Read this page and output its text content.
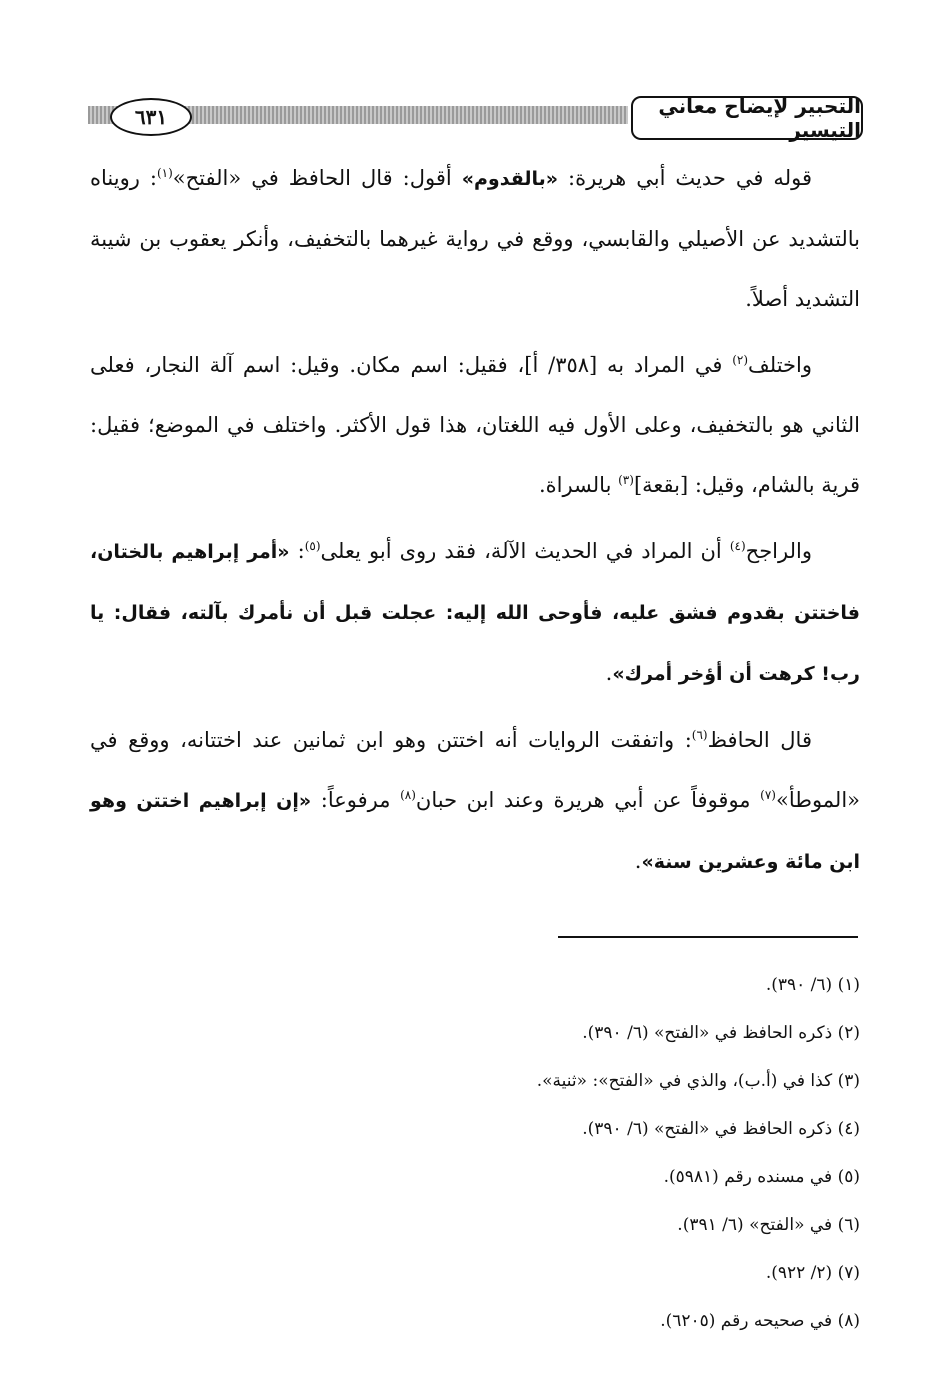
٦٣١	التحبير لإيضاح معاني التيسير

قوله في حديث أبي هريرة: «بالقدوم» أقول: قال الحافظ في «الفتح»$^{(١)}$: رويناه بالتشديد عن الأصيلي والقابسي، ووقع في رواية غيرهما بالتخفيف، وأنكر يعقوب بن شيبة التشديد أصلاً.

واختلف$^{(٢)}$ في المراد به [٣٥٨/ أ]، فقيل: اسم مكان. وقيل: اسم آلة النجار، فعلى الثاني هو بالتخفيف، وعلى الأول فيه اللغتان، هذا قول الأكثر. واختلف في الموضع؛ فقيل: قرية بالشام، وقيل: [بقعة]$^{(٣)}$ بالسراة.

والراجح$^{(٤)}$ أن المراد في الحديث الآلة، فقد روى أبو يعلى$^{(٥)}$: «أمر إبراهيم بالختان، فاختتن بقدوم فشق عليه، فأوحى الله إليه: عجلت قبل أن نأمرك بآلته، فقال: يا رب! كرهت أن أؤخر أمرك».

قال الحافظ$^{(٦)}$: واتفقت الروايات أنه اختتن وهو ابن ثمانين عند اختتانه، ووقع في «الموطأ»$^{(٧)}$ موقوفاً عن أبي هريرة وعند ابن حبان$^{(٨)}$ مرفوعاً: «إن إبراهيم اختتن وهو ابن مائة وعشرين سنة».

(١) (٦/ ٣٩٠).
(٢) ذكره الحافظ في «الفتح» (٦/ ٣٩٠).
(٣) كذا في (أ.ب)، والذي في «الفتح»: «ثنية».
(٤) ذكره الحافظ في «الفتح» (٦/ ٣٩٠).
(٥) في مسنده رقم (٥٩٨١).
(٦) في «الفتح» (٦/ ٣٩١).
(٧) (٢/ ٩٢٢).
(٨) في صحيحه رقم (٦٢٠٥).
